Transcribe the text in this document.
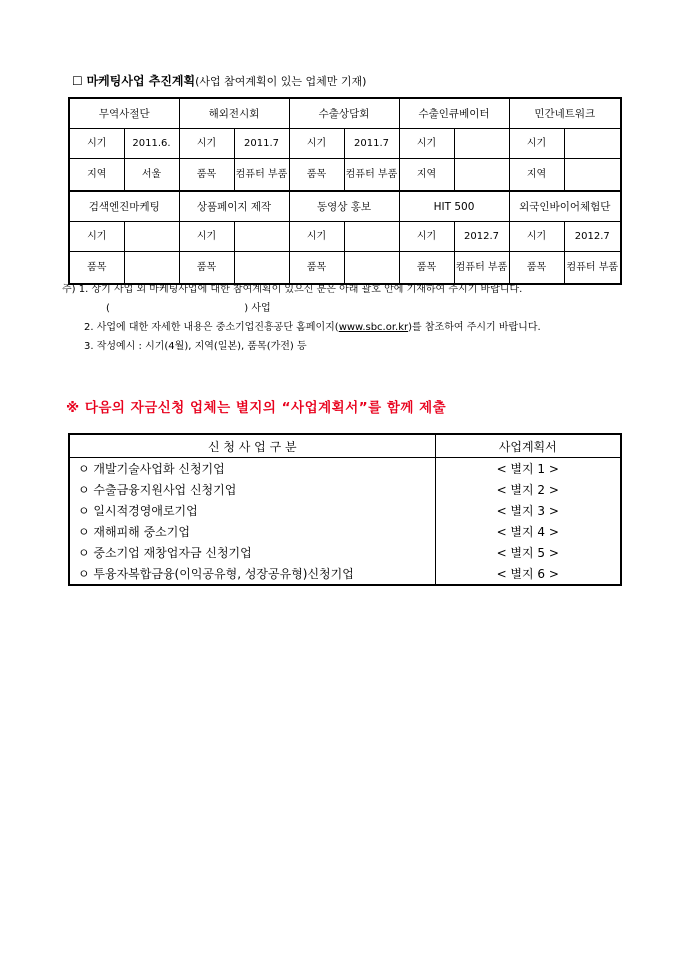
☐ 마케팅사업 추진계획(사업 참여계획이 있는 업체만 기재)
무역사절단		해외전시회		수출상담회		수출인큐베이터		민간네트워크	
시기	2011.6.	시기	2011.7	시기	2011.7	시기		시기	
지역	서울	품목	컴퓨터 부품	품목	컴퓨터 부품	지역		지역	
검색엔진마케팅		상품페이지 제작		동영상 홍보		HIT 500		외국인바이어체험단	
시기		시기		시기		시기	2012.7	시기	2012.7
품목		품목		품목		품목	컴퓨터 부품	품목	컴퓨터 부품
주) 1. 상기 사업 외 마케팅사업에 대한 참여계획이 있으신 분은 아래 괄호 안에 기재하여 주시기 바랍니다.
(	) 사업
2. 사업에 대한 자세한 내용은 중소기업진흥공단 홈페이지(www.sbc.or.kr)를 참조하여 주시기 바랍니다.
3. 작성예시 : 시기(4월), 지역(일본), 품목(가전) 등
※ 다음의 자금신청 업체는 별지의 “사업계획서”를 함께 제출
신 청 사 업 구 분	사업계획서
ㅇ 개발기술사업화 신청기업	< 별지 1 >
ㅇ 수출금융지원사업 신청기업	< 별지 2 >
ㅇ 일시적경영애로기업	< 별지 3 >
ㅇ 재해피해 중소기업	< 별지 4 >
ㅇ 중소기업 재창업자금 신청기업	< 별지 5 >
ㅇ 투융자복합금융(이익공유형, 성장공유형)신청기업	< 별지 6 >
